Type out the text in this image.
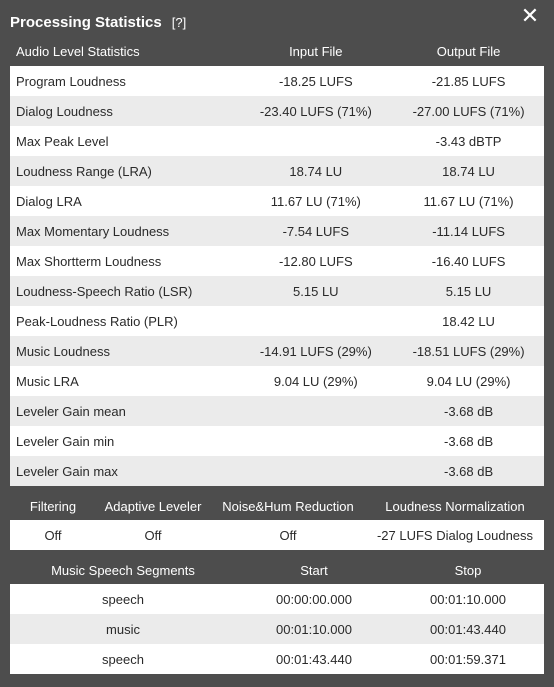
Processing Statistics [?]	✕
Audio Level Statistics	Input File	Output File
Program Loudness	-18.25 LUFS	-21.85 LUFS
Dialog Loudness	-23.40 LUFS (71%)	-27.00 LUFS (71%)
Max Peak Level		-3.43 dBTP
Loudness Range (LRA)	18.74 LU	18.74 LU
Dialog LRA	11.67 LU (71%)	11.67 LU (71%)
Max Momentary Loudness	-7.54 LUFS	-11.14 LUFS
Max Shortterm Loudness	-12.80 LUFS	-16.40 LUFS
Loudness-Speech Ratio (LSR)	5.15 LU	5.15 LU
Peak-Loudness Ratio (PLR)		18.42 LU
Music Loudness	-14.91 LUFS (29%)	-18.51 LUFS (29%)
Music LRA	9.04 LU (29%)	9.04 LU (29%)
Leveler Gain mean		-3.68 dB
Leveler Gain min		-3.68 dB
Leveler Gain max		-3.68 dB
Filtering	Adaptive Leveler	Noise&Hum Reduction	Loudness Normalization
Off	Off	Off	-27 LUFS Dialog Loudness
Music Speech Segments	Start	Stop
speech	00:00:00.000	00:01:10.000
music	00:01:10.000	00:01:43.440
speech	00:01:43.440	00:01:59.371
